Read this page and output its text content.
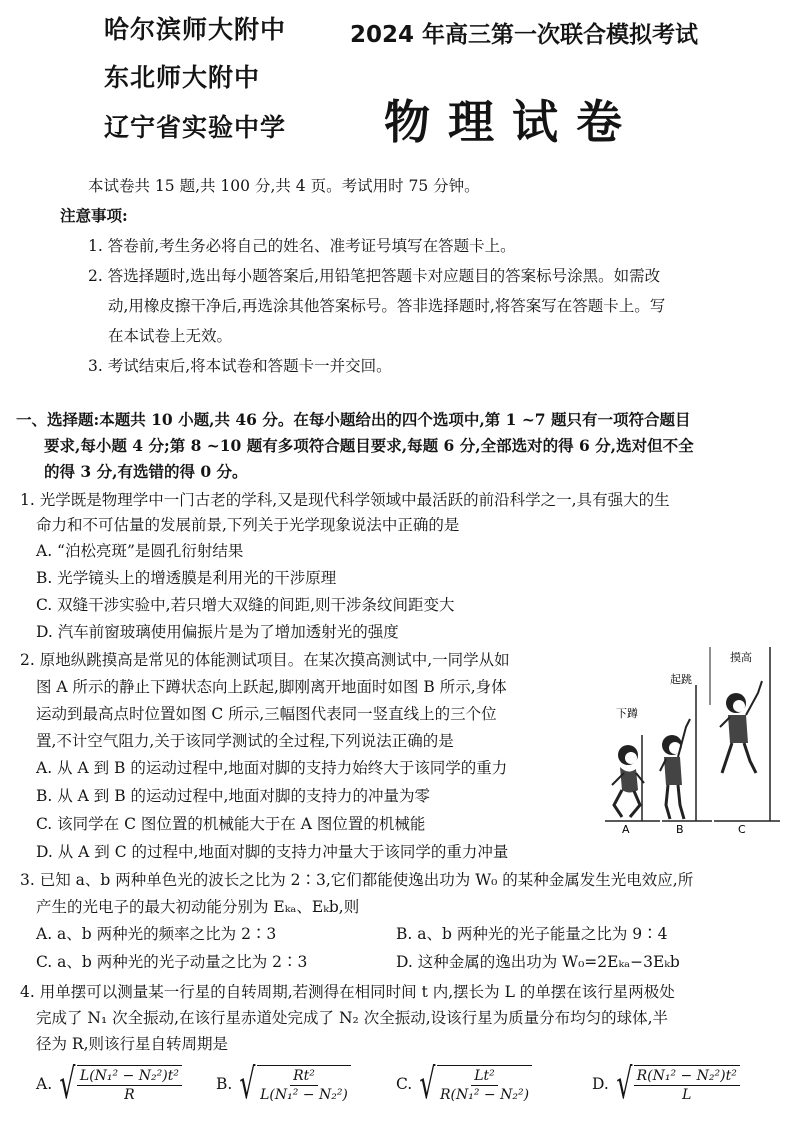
哈尔滨师大附中
东北师大附中
辽宁省实验中学
2024 年高三第一次联合模拟考试
物理试卷
本试卷共 15 题,共 100 分,共 4 页。考试用时 75 分钟。
注意事项:
1. 答卷前,考生务必将自己的姓名、准考证号填写在答题卡上。
2. 答选择题时,选出每小题答案后,用铅笔把答题卡对应题目的答案标号涂黑。如需改
动,用橡皮擦干净后,再选涂其他答案标号。答非选择题时,将答案写在答题卡上。写
在本试卷上无效。
3. 考试结束后,将本试卷和答题卡一并交回。
一、选择题:本题共 10 小题,共 46 分。在每小题给出的四个选项中,第 1 ~7 题只有一项符合题目
要求,每小题 4 分;第 8 ~10 题有多项符合题目要求,每题 6 分,全部选对的得 6 分,选对但不全
的得 3 分,有选错的得 0 分。
1. 光学既是物理学中一门古老的学科,又是现代科学领域中最活跃的前沿科学之一,具有强大的生
命力和不可估量的发展前景,下列关于光学现象说法中正确的是
A. “泊松亮斑”是圆孔衍射结果
B. 光学镜头上的增透膜是利用光的干涉原理
C. 双缝干涉实验中,若只增大双缝的间距,则干涉条纹间距变大
D. 汽车前窗玻璃使用偏振片是为了增加透射光的强度
2. 原地纵跳摸高是常见的体能测试项目。在某次摸高测试中,一同学从如
图 A 所示的静止下蹲状态向上跃起,脚刚离开地面时如图 B 所示,身体
运动到最高点时位置如图 C 所示,三幅图代表同一竖直线上的三个位
置,不计空气阻力,关于该同学测试的全过程,下列说法正确的是
A. 从 A 到 B 的运动过程中,地面对脚的支持力始终大于该同学的重力
B. 从 A 到 B 的运动过程中,地面对脚的支持力的冲量为零
C. 该同学在 C 图位置的机械能大于在 A 图位置的机械能
D. 从 A 到 C 的过程中,地面对脚的支持力冲量大于该同学的重力冲量
下蹲
起跳
摸高
A	B	C
3. 已知 a、b 两种单色光的波长之比为 2∶3,它们都能使逸出功为 W₀ 的某种金属发生光电效应,所
产生的光电子的最大初动能分别为 Eₖₐ、Eₖb,则
A. a、b 两种光的频率之比为 2∶3	B. a、b 两种光的光子能量之比为 9∶4
C. a、b 两种光的光子动量之比为 2∶3	D. 这种金属的逸出功为 W₀=2Eₖₐ−3Eₖb
4. 用单摆可以测量某一行星的自转周期,若测得在相同时间 t 内,摆长为 L 的单摆在该行星两极处
完成了 N₁ 次全振动,在该行星赤道处完成了 N₂ 次全振动,设该行星为质量分布均匀的球体,半
径为 R,则该行星自转周期是
A. √ $\frac{\text{L(N₁² − N₂²)t²}}{R} B$. √ $\frac{\text{Rt²}}{\text{L(N₁² − N₂²)}}$	C. √ $\frac{\text{Lt²}}{\text{R(N₁² − N₂²)}}$	D. √ $\frac{\text{R(N₁² − N₂²)t²}}{L}$
